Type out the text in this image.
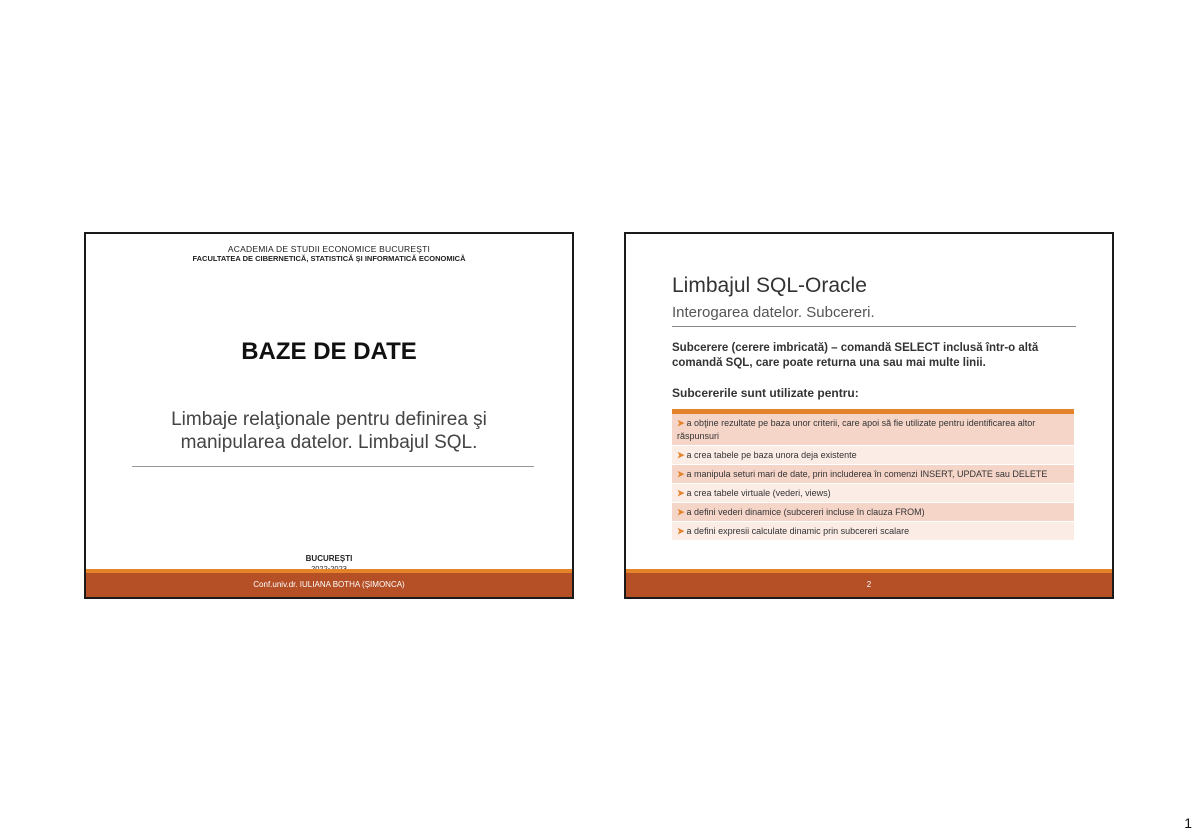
ACADEMIA DE STUDII ECONOMICE BUCUREȘTI
FACULTATEA DE CIBERNETICĂ, STATISTICĂ ȘI INFORMATICĂ ECONOMICĂ
BAZE DE DATE
Limbaje relaţionale pentru definirea şi
manipularea datelor. Limbajul SQL.
BUCUREȘTI
Conf.univ.dr. IULIANA BOTHA (ȘIMONCA)
Limbajul SQL-Oracle
Interogarea datelor. Subcereri.
Subcerere (cerere imbricată) – comandă SELECT inclusă într-o altă comandă SQL, care poate returna una sau mai multe linii.
Subcererile sunt utilizate pentru:
➤ a obţine rezultate pe baza unor criterii, care apoi să fie utilizate pentru identificarea altor răspunsuri
➤ a crea tabele pe baza unora deja existente
➤ a manipula seturi mari de date, prin includerea în comenzi INSERT, UPDATE sau DELETE
➤ a crea tabele virtuale (vederi, views)
➤ a defini vederi dinamice (subcereri incluse în clauza FROM)
➤ a defini expresii calculate dinamic prin subcereri scalare
2
1
